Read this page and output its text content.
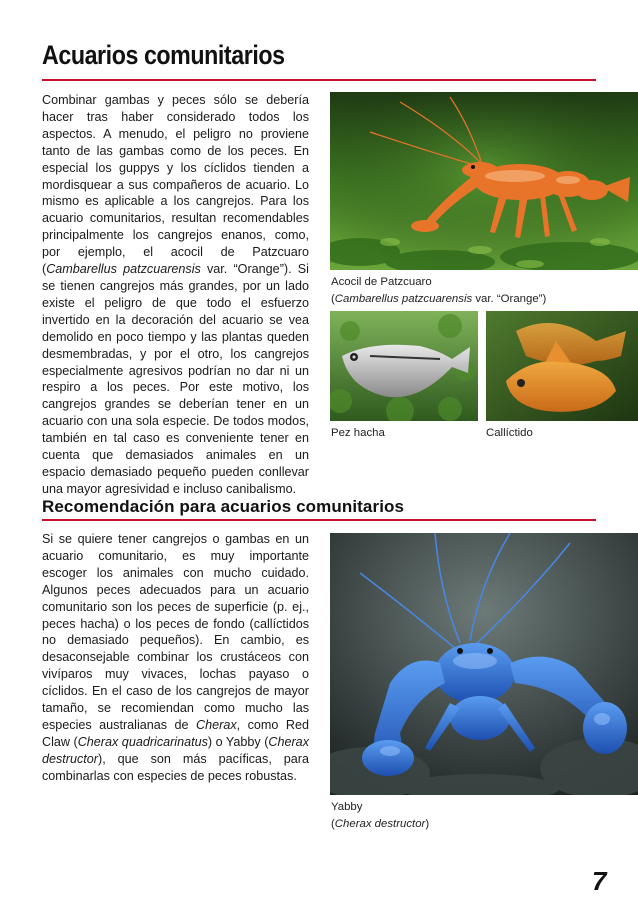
Acuarios comunitarios

Combinar gambas y peces sólo se debería hacer tras haber considerado todos los aspectos. A menudo, el peligro no proviene tanto de las gambas como de los peces. En especial los guppys y los cíclidos tienden a mordisquear a sus compañeros de acuario. Lo mismo es aplicable a los cangrejos. Para los acuario comunitarios, resultan recomendables principalmente los cangrejos enanos, como, por ejemplo, el acocil de Patzcuaro (Cambarellus patzcuarensis var. “Orange”). Si se tienen cangrejos más grandes, por un lado existe el peligro de que todo el esfuerzo invertido en la decoración del acuario se vea demolido en poco tiempo y las plantas queden desmembradas, y por el otro, los cangrejos especialmente agresivos podrían no dar ni un respiro a los peces. Por este motivo, los cangrejos grandes se deberían tener en un acuario con una sola especie. De todos modos, también en tal caso es conveniente tener en cuenta que demasiados animales en un espacio demasiado pequeño pueden conllevar una mayor agresividad e incluso canibalismo.

Acocil de Patzcuaro
(Cambarellus patzcuarensis var. “Orange”)

Pez hacha	Callíctido

Recomendación para acuarios comunitarios

Si se quiere tener cangrejos o gambas en un acuario comunitario, es muy importante escoger los animales con mucho cuidado. Algunos peces adecuados para un acuario comunitario son los peces de superficie (p. ej., peces hacha) o los peces de fondo (callíctidos no demasiado pequeños). En cambio, es desaconsejable combinar los crustáceos con vivíparos muy vivaces, lochas payaso o cíclidos. En el caso de los cangrejos de mayor tamaño, se recomiendan como mucho las especies australianas de Cherax, como Red Claw (Cherax quadricarinatus) o Yabby (Cherax destructor), que son más pacíficas, para combinarlas con especies de peces robustas.

Yabby
(Cherax destructor)

7
